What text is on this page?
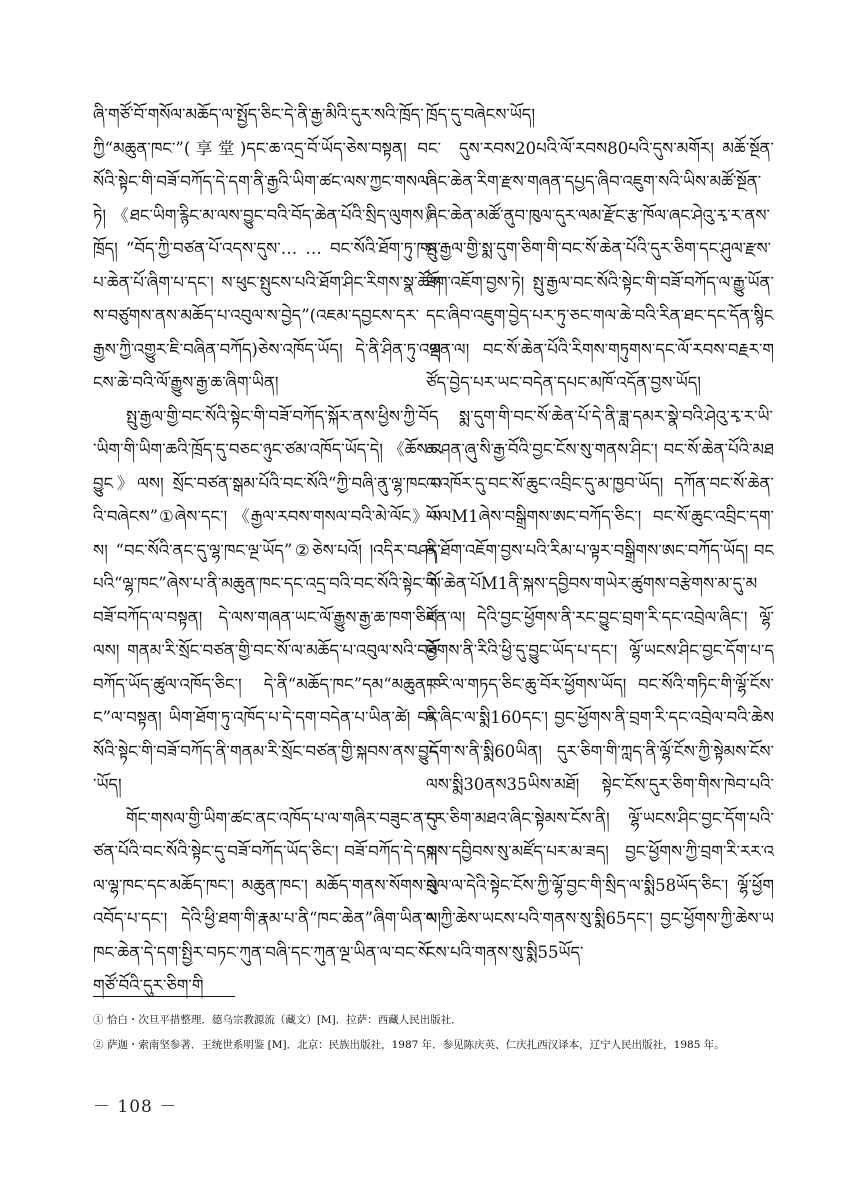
ཞི་གཙོ་བོ་གསོལ་མཆོད་ལ་སྤྱོད་ཅིང་དེ་ནི་རྒྱ་མིའི་དུར་སའི་ཁྲོད་ཀྱི“མཆུན་ཁང་”(享堂)དང་ཆ་འདྲ་བོ་ཡོད་ཅེས་བསྟན། བང་སོའི་སྟེང་གི་བཟོ་བཀོད་དེ་དག་ནི་རྒྱའི་ཡིག་ཚང་ལས་ཀྱང་གསལ་ཏེ། 《ཐང་ཡིག་རྙིང་མ་ལས་བྱུང་བའི་བོད་ཆེན་པོའི་སྲིད་ལུགས》ཁྲོད། “བོད་ཀྱི་བཙན་པོ་འདས་དུས་… … བང་སོའི་ཐོག་ཏུ་ཁང་པ་ཆེན་པོ་ཞིག་པ་དང་། ས་ཕུང་སྤུངས་པའི་ཐོག་ཤིང་རིགས་སྣ་ཚོགས་བཙུགས་ནས་མཆོད་པ་འབུལ་ས་བྱེད”(འཇམ་དབྱངས་དར་རྒྱས་ཀྱི་འགྱུར་ཇི་བཞིན་བཀོད)ཅེས་འཁོད་ཡོད། དེ་ནི་ཤིན་ཏུ་འགངས་ཆེ་བའི་ལོ་རྒྱུས་རྒྱ་ཆ་ཞིག་ཡིན།

སྤུ་རྒྱལ་གྱི་བང་སོའི་སྟེང་གི་བཟོ་བཀོད་སྐོར་ནས་ཕྱིས་ཀྱི་བོད་ཡིག་གི་ཡིག་ཆའི་ཁྲོད་དུ་བཅང་ཉུང་ཙམ་འཁོད་ཡོད་དེ། 《ཆོས་འབྱུང》ལས། སྲོང་བཙན་སྒམ་པོའི་བང་སོའི“ཀྱི་བཞི་ནུ་ལྷ་ཁང་བའི་བཞེངས”①ཞེས་དང་། 《རྒྱལ་རབས་གསལ་བའི་མེ་ལོང》ལས། “བང་སོའི་ནང་དུ་ལྷ་ཁང་ལྔ་ཡོད”②ཅེས་པའོ། །འདིར་བཤད་པའི“ལྷ་ཁང”ཞེས་པ་ནི་མཆུན་ཁང་དང་འདྲ་བའི་བང་སོའི་སྟེང་གི་བཟོ་བཀོད་ལ་བསྟན། དེ་ལས་གཞན་ཡང་ལོ་རྒྱུས་རྒྱ་ཆ་ཁག་ཅིག་ལས། གནམ་རི་སྲོང་བཙན་གྱི་བང་སོ་ལ་མཆོད་པ་འབུལ་སའི་བཟོ་བཀོད་ཡོད་ཚུལ་འཁོད་ཅིང་། དེ་ནི“མཆོད་ཁང”དམ“མཆུན་ཁང”ལ་བསྟན། ཡིག་ཐོག་ཏུ་འཁོད་པ་དེ་དག་བདེན་པ་ཡིན་ཚེ། བང་སོའི་སྟེང་གི་བཟོ་བཀོད་ནི་གནམ་རི་སྲོང་བཙན་གྱི་སྐབས་ནས་བྱུང་ཡོད།

གོང་གསལ་གྱི་ཡིག་ཚང་ནང་འཁོད་པ་ལ་གཞིར་བཟུང་ན་བཙན་པོའི་བང་སོའི་སྟེང་དུ་བཟོ་བཀོད་ཡོད་ཅིང་། བཟོ་བཀོད་དེ་དག་ལ་ལྷ་ཁང་དང་མཆོད་ཁང་། མཆུན་ཁང་། མཆོད་གནས་སོགས་སུ་འབོད་པ་དང་། དེའི་ཕྱི་ཐག་གི་རྣམ་པ་ནི“ཁང་ཆེན”ཞིག་ཡིན་ལ། ཁང་ཆེན་དེ་དག་སྤྱིར་བཏང་ཀུན་བཞི་དང་ཀུན་ལྔ་ཡིན་ལ་བང་སོ་གཙོ་བོའི་དུར་ཅིག་གི

ཁྲོད་དུ་བཞེངས་ཡོད།

དུས་རབས20པའི་ལོ་རབས80པའི་དུས་མགོར། མཆོ་སྔོན་ཞིང་ཆེན་རིག་རྫས་གཞན་དཔྱད་ཞིབ་འཇུག་སའི་ཡིས་མཚོ་སྔོན་ཞིང་ཆེན་མཚོ་ནུབ་ཁུལ་དུར་ལམ་རྫོང་རྩ་ཁོལ་ཞང་ཤེའུ་རྭ་ར་ནས་སྤུ་རྒྱལ་གྱི་སྨ་དུག་ཅིག་གི་བང་སོ་ཆེན་པོའི་དུར་ཅིག་དང་ཤུལ་རྫས་ཐོག་འཇོག་བྱས་ཏེ། སྤུ་རྒྱལ་བང་སོའི་སྟེང་གི་བཟོ་བཀོད་ལ་རྒྱུ་ཡོན་དང་ཞིབ་འཇུག་བྱེད་པར་ཏུ་ཅང་གལ་ཆེ་བའི་རིན་ཐང་དང་དོན་སྙིང་ལྡན་ལ། བང་སོ་ཆེན་པོའི་རིགས་གཏུགས་དང་ལོ་རབས་བརྗར་གཙོད་བྱེད་པར་ཡང་བདེན་དཔང་མཁོ་འདོན་བྱས་ཡོད།

སྨ་དུག་གི་བང་སོ་ཆེན་པོ་དེ་ནི་ཟླ་དམར་སྣེ་བའི་ཤེའུ་རྭ་ར་ཡི་ཆ་ཤན་ཞུ་སི་རྒྱ་བོའི་བྱང་ངོས་སུ་གནས་ཤིང་། བང་སོ་ཆེན་པོའི་མཐའ་འཁོར་དུ་བང་སོ་ཆུང་འབྲིང་དུ་མ་ཁྱབ་ཡོད། དཀོན་བང་སོ་ཆེན་པོ་ལM1ཞེས་བསྒྲིགས་ཨང་བཀོད་ཅིང་། བང་སོ་ཆུང་འབྲིང་དག་ནི་ཐོག་འཇོག་བྱས་པའི་རིམ་པ་ལྟར་བསྒྲིགས་ཨང་བཀོད་ཡོད། བང་སོ་ཆེན་པོM1ནི་སྐས་དབྱིབས་གཡེར་ཚུགས་བརྩེགས་མ་དུ་མཛོན་ལ། དེའི་བྱང་ཕྱོགས་ནི་རང་བྱུང་བྲག་རི་དང་འབྲེལ་ཞིང་། ལྷོ་ཕྱོགས་ནི་རིའི་ཕྱི་དུ་བྱུང་ཡོད་པ་དང་། ལྷོ་ཡངས་ཤིང་བྱང་དོག་པ་དང་རི་ལ་གཏད་ཅིང་ཆུ་བོར་ཕྱོགས་ཡོད། བང་སོའི་གཏིང་གི་ལྷོ་ངོས་ནི་ཞིང་ལ་སྨི160དང་། བྱང་ཕྱོགས་ནི་བྲག་རི་དང་འབྲེལ་བའི་ཆེས་དོག་ས་ནི་སྨི60ཡིན། དུར་ཅིག་གི་ཀླད་ནི་ལྷོ་ངོས་ཀྱི་སྟེམས་ངོས་ལས་སྨི30ནས35ཡིས་མཐོ། སྟེང་ངོས་དུར་ཅིག་གིས་ཁེབ་པའི་དུར་ཅིག་མཐའ་ཞིང་སྟེམས་ངོས་ནི། ལྷོ་ཡངས་ཤིང་བྱང་དོག་པའི་སྐས་དབྱིབས་སུ་མཛོད་པར་མ་ཟད། བྱང་ཕྱོགས་ཀྱི་བྲག་རི་རར་འབྲེལ་ལ་དེའི་སྟེང་ངོས་ཀྱི་ལྷོ་བྱང་གི་སྲིད་ལ་སྨི58ཡོད་ཅིང་། ལྷོ་ཕྱོགས་ཀྱི་ཆེས་ཡངས་པའི་གནས་སུ་སྨི65དང་། བྱང་ཕྱོགས་ཀྱི་ཆེས་ཡངས་པའི་གནས་སུ་སྨི55ཡོད་

① 恰白・次旦平措整理．德乌宗教源流（藏文）[M]．拉萨：西藏人民出版社．
② 萨迦・索南坚参著．王统世系明鉴 [M]．北京：民族出版社，1987 年．参见陈庆英、仁庆扎西汉译本，辽宁人民出版社，1985 年。
－ 108 －
